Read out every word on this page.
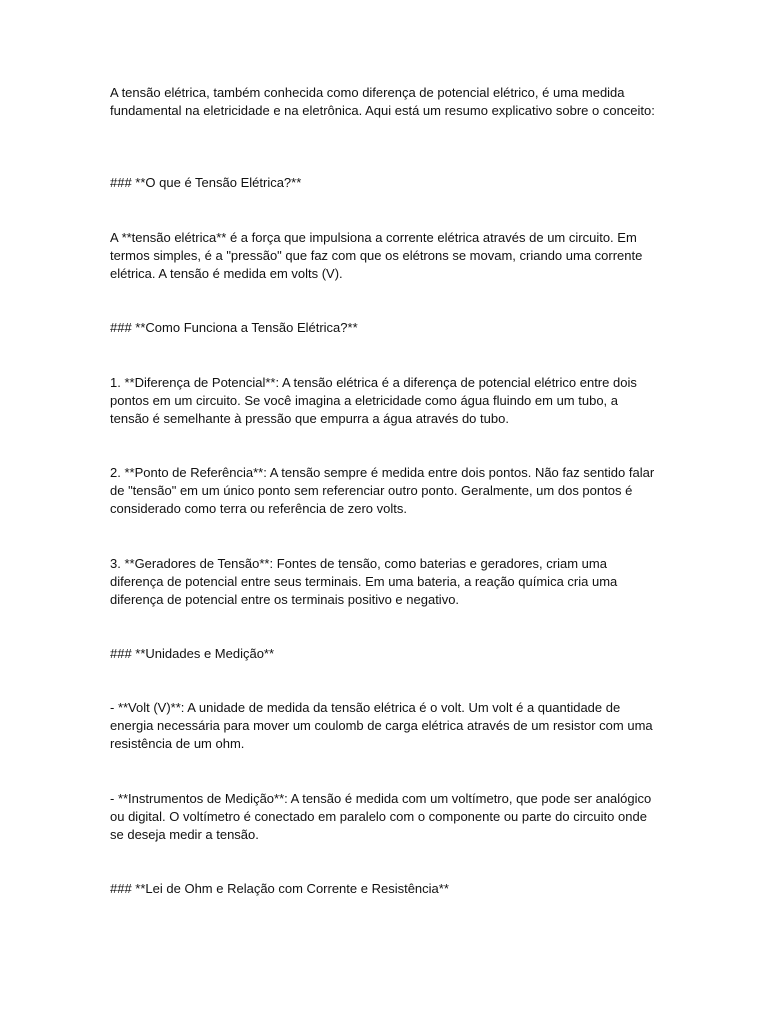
A tensão elétrica, também conhecida como diferença de potencial elétrico, é uma medida fundamental na eletricidade e na eletrônica. Aqui está um resumo explicativo sobre o conceito:

### **O que é Tensão Elétrica?**

A **tensão elétrica** é a força que impulsiona a corrente elétrica através de um circuito. Em termos simples, é a "pressão" que faz com que os elétrons se movam, criando uma corrente elétrica. A tensão é medida em volts (V).

### **Como Funciona a Tensão Elétrica?**

1. **Diferença de Potencial**: A tensão elétrica é a diferença de potencial elétrico entre dois pontos em um circuito. Se você imagina a eletricidade como água fluindo em um tubo, a tensão é semelhante à pressão que empurra a água através do tubo.

2. **Ponto de Referência**: A tensão sempre é medida entre dois pontos. Não faz sentido falar de "tensão" em um único ponto sem referenciar outro ponto. Geralmente, um dos pontos é considerado como terra ou referência de zero volts.

3. **Geradores de Tensão**: Fontes de tensão, como baterias e geradores, criam uma diferença de potencial entre seus terminais. Em uma bateria, a reação química cria uma diferença de potencial entre os terminais positivo e negativo.

### **Unidades e Medição**

- **Volt (V)**: A unidade de medida da tensão elétrica é o volt. Um volt é a quantidade de energia necessária para mover um coulomb de carga elétrica através de um resistor com uma resistência de um ohm.

- **Instrumentos de Medição**: A tensão é medida com um voltímetro, que pode ser analógico ou digital. O voltímetro é conectado em paralelo com o componente ou parte do circuito onde se deseja medir a tensão.

### **Lei de Ohm e Relação com Corrente e Resistência**
